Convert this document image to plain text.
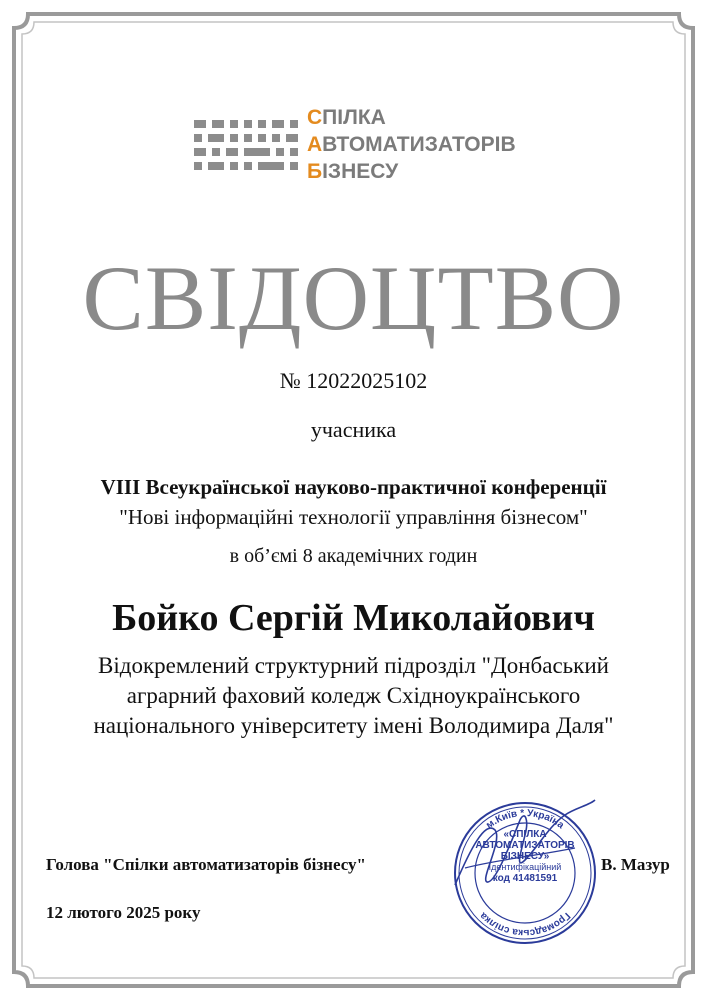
СПІЛКА
АВТОМАТИЗАТОРІВ
БІЗНЕСУ
СВІДОЦТВО
№ 12022025102
учасника
VIII Всеукраїнської науково-практичної конференції
"Нові інформаційні технології управління бізнесом"
в об’ємі 8 академічних годин
Бойко Сергій Миколайович
Відокремлений структурний підрозділ "Донбаський
аграрний фаховий коледж Східноукраїнського
національного університету імені Володимира Даля"
м.Київ * Україна
Громадська спілка
«СПІЛКА
АВТОМАТИЗАТОРІВ
БІЗНЕСУ»
Ідентифікаційний
код 41481591
Голова "Спілки автоматизаторів бізнесу"	В. Мазур
12 лютого 2025 року
